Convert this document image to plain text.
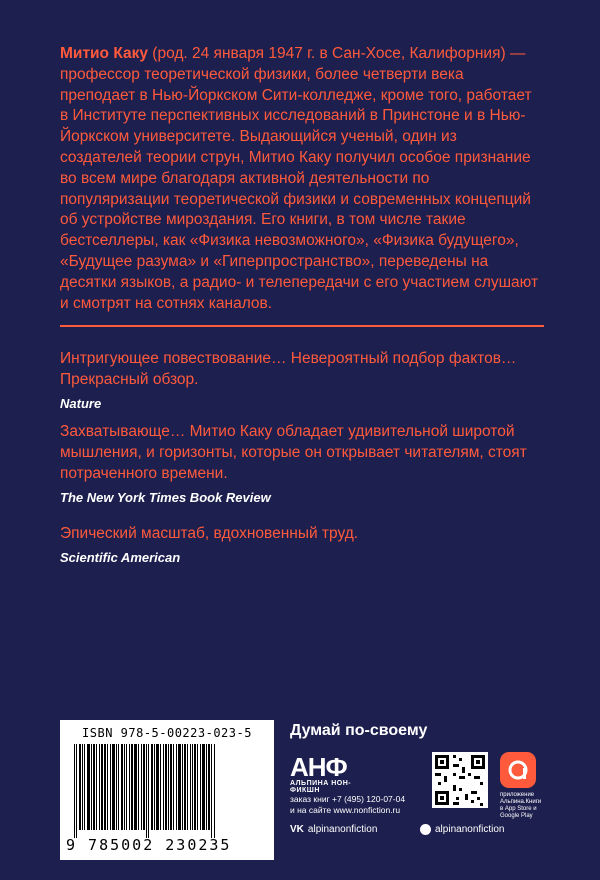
Митио Каку (род. 24 января 1947 г. в Сан-Хосе, Калифорния) — профессор теоретической физики, более четверти века преподает в Нью-Йоркском Сити-колледже, кроме того, работает в Институте перспективных исследований в Принстоне и в Нью-Йоркском университете. Выдающийся ученый, один из создателей теории струн, Митио Каку получил особое признание во всем мире благодаря активной деятельности по популяризации теоретической физики и современных концепций об устройстве мироздания. Его книги, в том числе такие бестселлеры, как «Физика невозможного», «Физика будущего», «Будущее разума» и «Гиперпространство», переведены на десятки языков, а радио- и телепередачи с его участием слушают и смотрят на сотнях каналов.

Интригующее повествование… Невероятный подбор фактов… Прекрасный обзор.
Nature
Захватывающе… Митио Каку обладает удивительной широтой мышления, и горизонты, которые он открывает читателям, стоят потраченного времени.
The New York Times Book Review
Эпический масштаб, вдохновенный труд.
Scientific American
ISBN 978-5-00223-023-5
9 785002 230235
Думай по-своему
АНФ
АЛЬПИНА НОН-ФИКШН
заказ книг +7 (495) 120-07-04
и на сайте www.nonfiction.ru
приложение Альпина.Книги в App Store и Google Play
VK alpinanonfiction	alpinanonfiction
